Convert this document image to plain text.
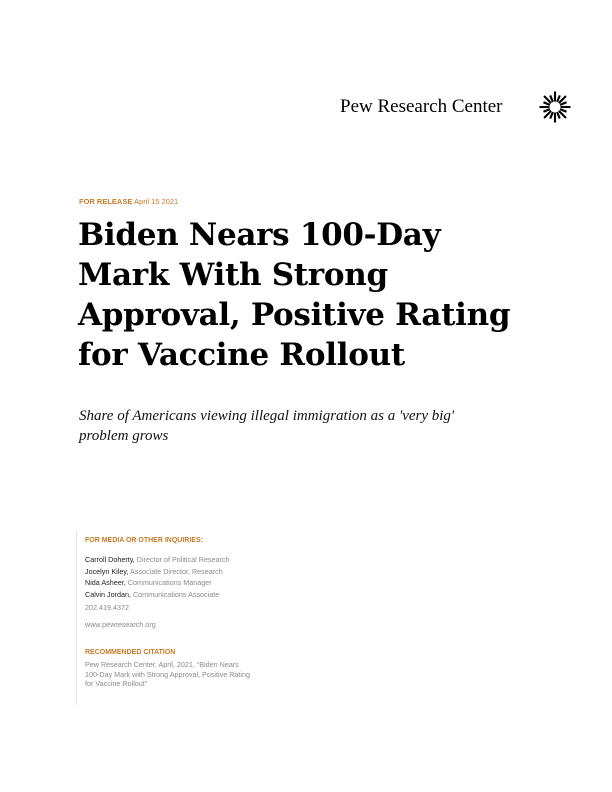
Pew Research Center
FOR RELEASE April 15 2021
Biden Nears 100-Day
Mark With Strong
Approval, Positive Rating
for Vaccine Rollout

Share of Americans viewing illegal immigration as a 'very big'
problem grows

FOR MEDIA OR OTHER INQUIRIES:
Carroll Doherty, Director of Political Research
Jocelyn Kiley, Associate Director, Research
Nida Asheer, Communications Manager
Calvin Jordan, Communications Associate
202.419.4372
www.pewresearch.org
RECOMMENDED CITATION
Pew Research Center, April, 2021, “Biden Nears
100-Day Mark with Strong Approval, Positive Rating
for Vaccine Rollout”
